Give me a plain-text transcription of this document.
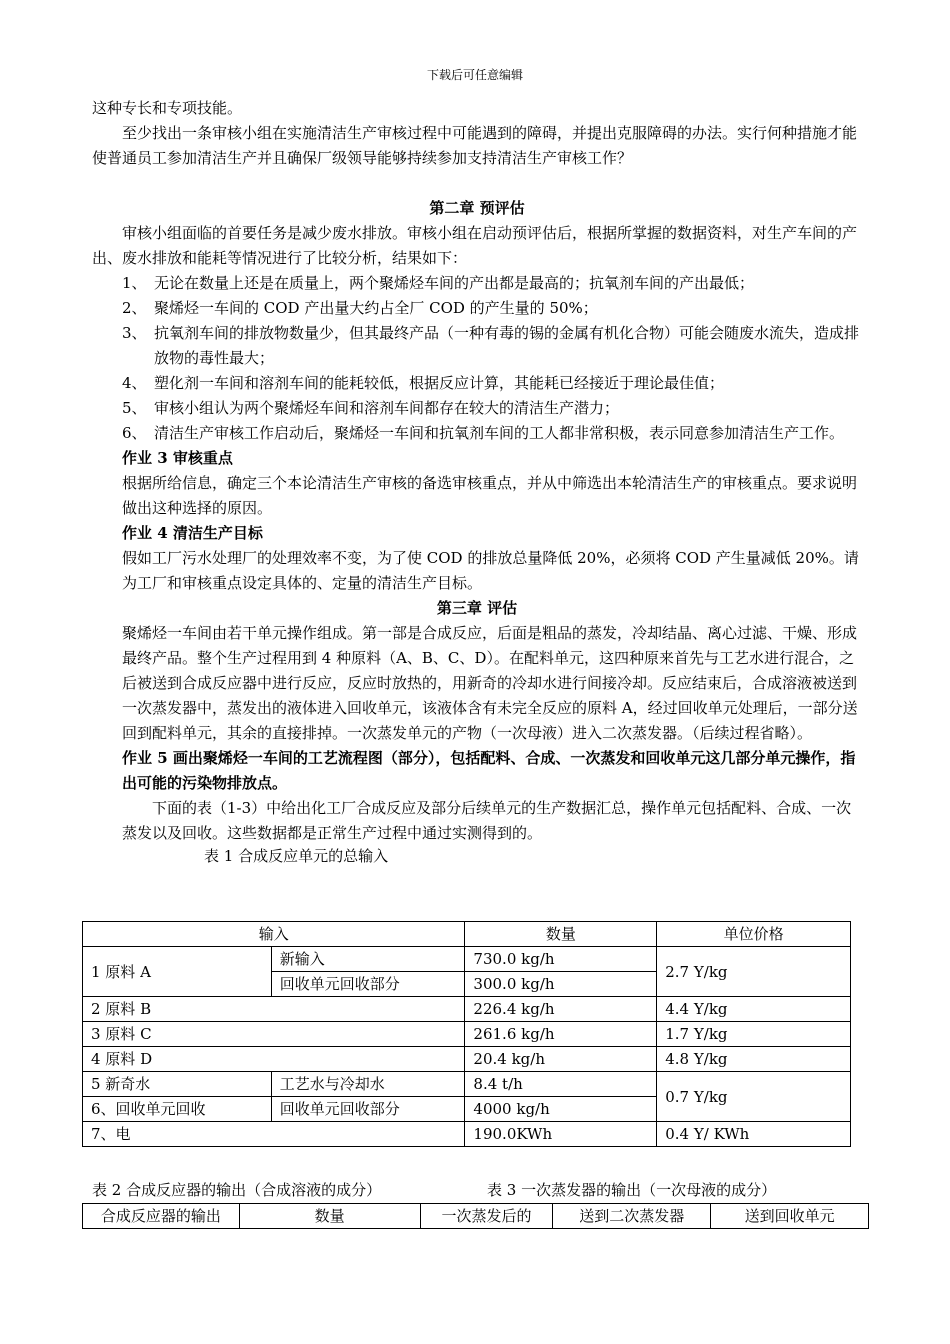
下载后可任意编辑

这种专长和专项技能。

至少找出一条审核小组在实施清洁生产审核过程中可能遇到的障碍，并提出克服障碍的办法。实行何种措施才能使普通员工参加清洁生产并且确保厂级领导能够持续参加支持清洁生产审核工作？

第二章 预评估

审核小组面临的首要任务是减少废水排放。审核小组在启动预评估后，根据所掌握的数据资料，对生产车间的产出、废水排放和能耗等情况进行了比较分析，结果如下：

1、 无论在数量上还是在质量上，两个聚烯烃车间的产出都是最高的；抗氧剂车间的产出最低；
2、 聚烯烃一车间的 COD 产出量大约占全厂 COD 的产生量的 50%；
3、 抗氧剂车间的排放物数量少，但其最终产品（一种有毒的锡的金属有机化合物）可能会随废水流失，造成排放物的毒性最大；
4、 塑化剂一车间和溶剂车间的能耗较低，根据反应计算，其能耗已经接近于理论最佳值；
5、 审核小组认为两个聚烯烃车间和溶剂车间都存在较大的清洁生产潜力；
6、 清洁生产审核工作启动后，聚烯烃一车间和抗氧剂车间的工人都非常积极，表示同意参加清洁生产工作。

作业 3 审核重点

根据所给信息，确定三个本论清洁生产审核的备选审核重点，并从中筛选出本轮清洁生产的审核重点。要求说明做出这种选择的原因。

作业 4 清洁生产目标

假如工厂污水处理厂的处理效率不变，为了使 COD 的排放总量降低 20%，必须将 COD 产生量减低 20%。请为工厂和审核重点设定具体的、定量的清洁生产目标。

第三章 评估

聚烯烃一车间由若干单元操作组成。第一部是合成反应，后面是粗品的蒸发，冷却结晶、离心过滤、干燥、形成最终产品。整个生产过程用到 4 种原料（A、B、C、D）。在配料单元，这四种原来首先与工艺水进行混合，之后被送到合成反应器中进行反应，反应时放热的，用新奇的冷却水进行间接冷却。反应结束后，合成溶液被送到一次蒸发器中，蒸发出的液体进入回收单元，该液体含有未完全反应的原料 A，经过回收单元处理后，一部分送回到配料单元，其余的直接排掉。一次蒸发单元的产物（一次母液）进入二次蒸发器。（后续过程省略）。

作业 5 画出聚烯烃一车间的工艺流程图（部分），包括配料、合成、一次蒸发和回收单元这几部分单元操作，指出可能的污染物排放点。

下面的表（1-3）中给出化工厂合成反应及部分后续单元的生产数据汇总，操作单元包括配料、合成、一次蒸发以及回收。这些数据都是正常生产过程中通过实测得到的。

表 1 合成反应单元的总输入

输入		数量	单位价格
1 原料 A	新输入	730.0 kg/h	2.7 Y/kg
	回收单元回收部分	300.0 kg/h	
2 原料 B		226.4 kg/h	4.4 Y/kg
3 原料 C		261.6 kg/h	1.7 Y/kg
4 原料 D		20.4 kg/h	4.8 Y/kg
5 新奇水	工艺水与冷却水	8.4 t/h	0.7 Y/kg
6、回收单元回收	回收单元回收部分	4000 kg/h	
7、电		190.0KWh	0.4 Y/ KWh
表 2 合成反应器的输出（合成溶液的成分）	表 3 一次蒸发器的输出（一次母液的成分）
合成反应器的输出	数量	一次蒸发后的	送到二次蒸发器	送到回收单元
